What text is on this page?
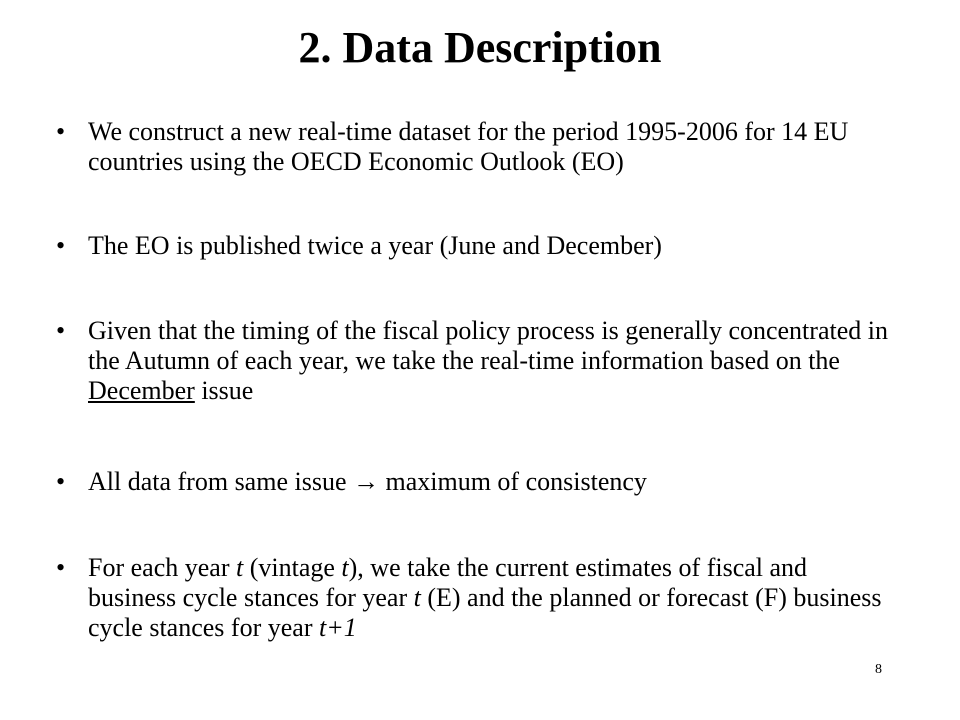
2. Data Description
• We construct a new real-time dataset for the period 1995-2006 for 14 EU countries using the OECD Economic Outlook (EO)
• The EO is published twice a year (June and December)
• Given that the timing of the fiscal policy process is generally concentrated in the Autumn of each year, we take the real-time information based on the December issue
• All data from same issue → maximum of consistency
• For each year t (vintage t), we take the current estimates of fiscal and business cycle stances for year t (E) and the planned or forecast (F) business cycle stances for year t+1
8
